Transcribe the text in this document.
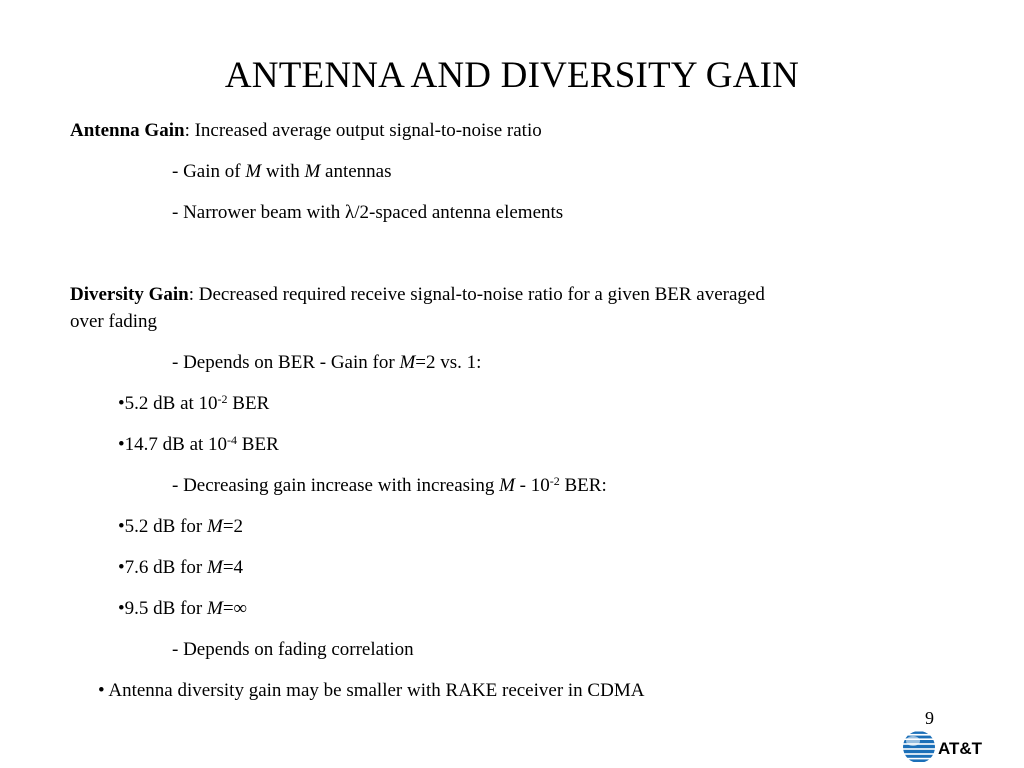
ANTENNA AND DIVERSITY GAIN
Antenna Gain: Increased average output signal-to-noise ratio
- Gain of M with M antennas
- Narrower beam with λ/2-spaced antenna elements
Diversity Gain: Decreased required receive signal-to-noise ratio for a given BER averaged
over fading
- Depends on BER - Gain for M=2 vs. 1:
•5.2 dB at $10^{-2}$ BER
•14.7 dB at $10^{-4}$ BER
- Decreasing gain increase with increasing M - $10^{-2}$ BER:
•5.2 dB for M=2
•7.6 dB for M=4
•9.5 dB for M=∞
- Depends on fading correlation
• Antenna diversity gain may be smaller with RAKE receiver in CDMA
9
AT&T
